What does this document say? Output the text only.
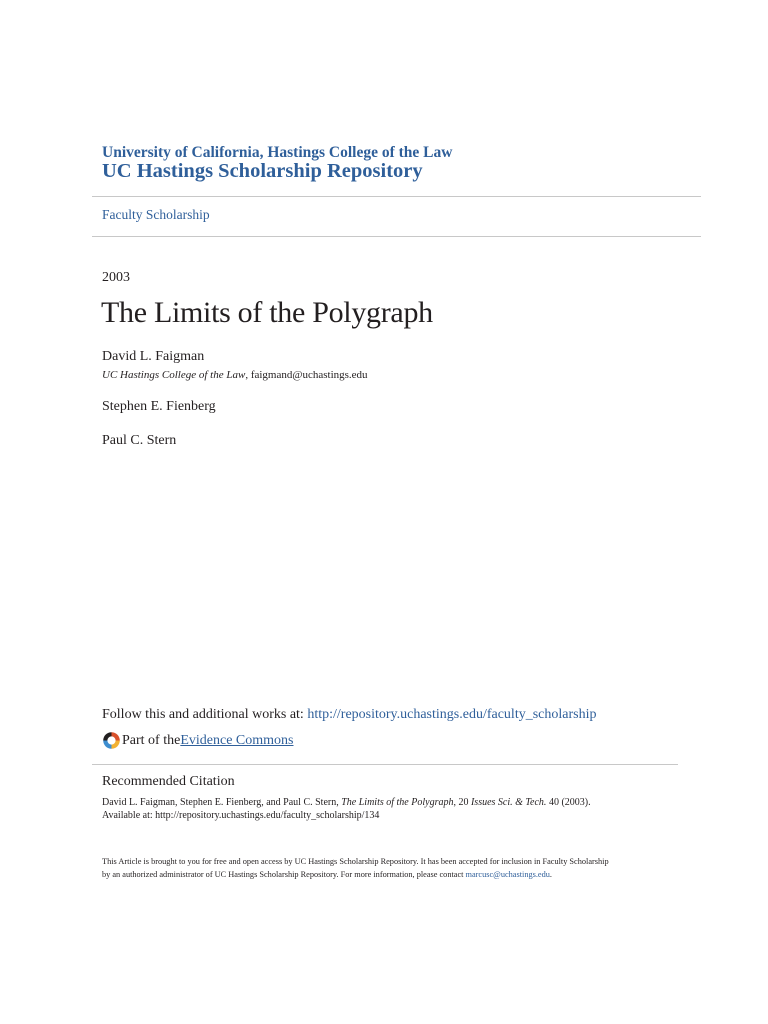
University of California, Hastings College of the Law
UC Hastings Scholarship Repository
Faculty Scholarship
2003
The Limits of the Polygraph
David L. Faigman
UC Hastings College of the Law, faigmand@uchastings.edu
Stephen E. Fienberg
Paul C. Stern
Follow this and additional works at: http://repository.uchastings.edu/faculty_scholarship
Part of the Evidence Commons
Recommended Citation
David L. Faigman, Stephen E. Fienberg, and Paul C. Stern, The Limits of the Polygraph, 20 Issues Sci. & Tech. 40 (2003).
Available at: http://repository.uchastings.edu/faculty_scholarship/134
This Article is brought to you for free and open access by UC Hastings Scholarship Repository. It has been accepted for inclusion in Faculty Scholarship
by an authorized administrator of UC Hastings Scholarship Repository. For more information, please contact marcusc@uchastings.edu.
